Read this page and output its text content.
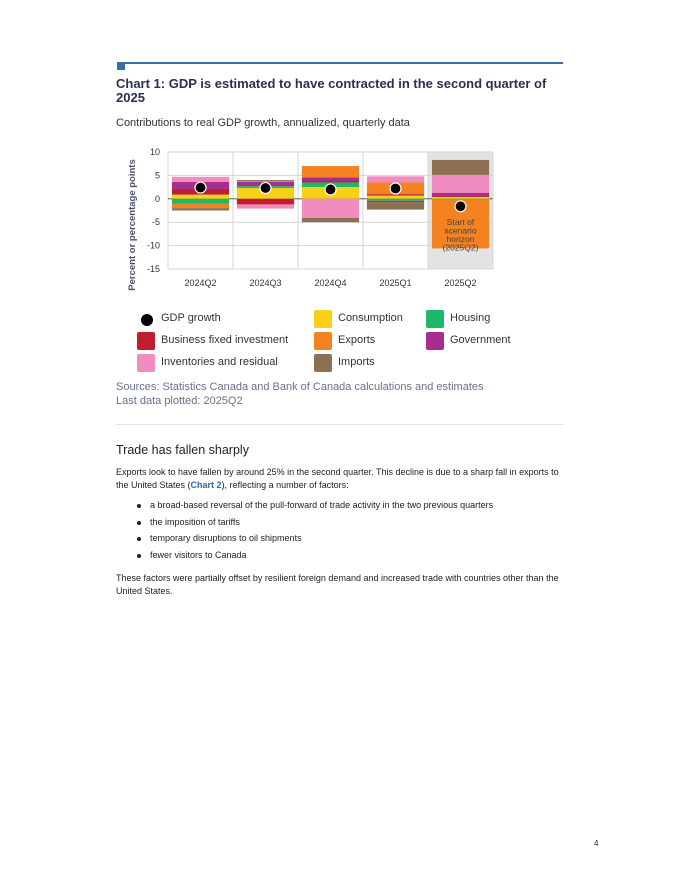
Chart 1: GDP is estimated to have contracted in the second quarter of 2025
Contributions to real GDP growth, annualized, quarterly data
10
5
0
-5
-10
-15
2024Q2	2024Q3	2024Q4	2025Q1	2025Q2
Start of
scenario
horizon
(2025Q2)
Percent or percentage points
GDP growth	Consumption	Housing
Business fixed investment	Exports	Government
Inventories and residual	Imports
Sources: Statistics Canada and Bank of Canada calculations and estimates
Last data plotted: 2025Q2
Trade has fallen sharply

Exports look to have fallen by around 25% in the second quarter. This decline is due to a sharp fall in exports to the United States (Chart 2), reflecting a number of factors:

a broad-based reversal of the pull-forward of trade activity in the two previous quarters
the imposition of tariffs
temporary disruptions to oil shipments
fewer visitors to Canada

These factors were partially offset by resilient foreign demand and increased trade with countries other than the United States.

4
